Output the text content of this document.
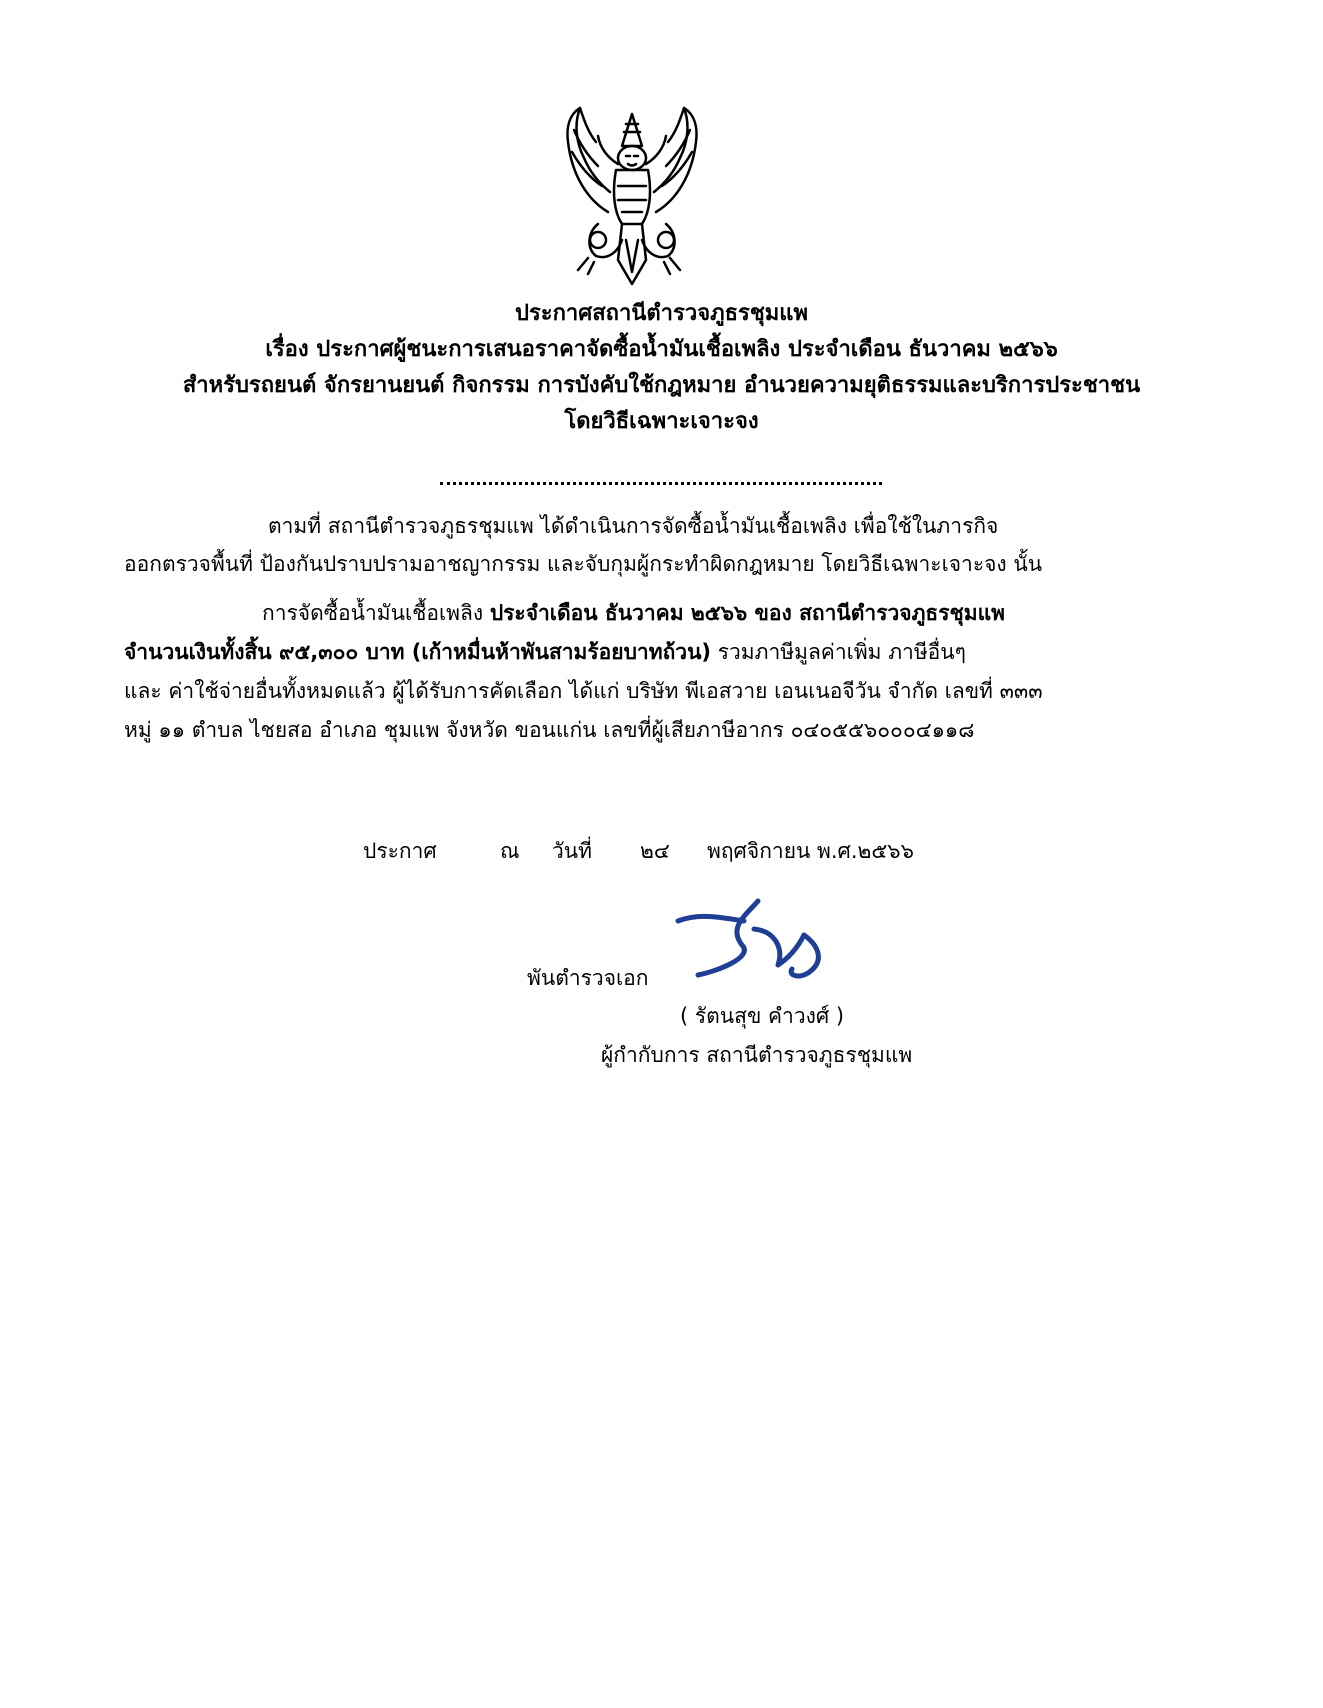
ประกาศสถานีตำรวจภูธรชุมแพ
เรื่อง ประกาศผู้ชนะการเสนอราคาจัดซื้อน้ำมันเชื้อเพลิง ประจำเดือน ธันวาคม ๒๕๖๖
สำหรับรถยนต์ จักรยานยนต์ กิจกรรม การบังคับใช้กฎหมาย อำนวยความยุติธรรมและบริการประชาชน
โดยวิธีเฉพาะเจาะจง
ตามที่ สถานีตำรวจภูธรชุมแพ ได้ดำเนินการจัดซื้อน้ำมันเชื้อเพลิง เพื่อใช้ในภารกิจ
ออกตรวจพื้นที่ ป้องกันปราบปรามอาชญากรรม และจับกุมผู้กระทำผิดกฎหมาย โดยวิธีเฉพาะเจาะจง นั้น
การจัดซื้อน้ำมันเชื้อเพลิง ประจำเดือน ธันวาคม ๒๕๖๖ ของ สถานีตำรวจภูธรชุมแพ
จำนวนเงินทั้งสิ้น ๙๕,๓๐๐ บาท (เก้าหมื่นห้าพันสามร้อยบาทถ้วน) รวมภาษีมูลค่าเพิ่ม ภาษีอื่นๆ
และ ค่าใช้จ่ายอื่นทั้งหมดแล้ว ผู้ได้รับการคัดเลือก ได้แก่ บริษัท พีเอสวาย เอนเนอจีวัน จำกัด เลขที่ ๓๓๓
หมู่ ๑๑ ตำบล ไชยสอ อำเภอ ชุมแพ จังหวัด ขอนแก่น เลขที่ผู้เสียภาษีอากร ๐๔๐๕๕๖๐๐๐๔๑๑๘
ประกาศ	ณ วันที่ ๒๔ พฤศจิกายน พ.ศ.๒๕๖๖
พันตำรวจเอก
( รัตนสุข คำวงศ์ )
ผู้กำกับการ สถานีตำรวจภูธรชุมแพ
